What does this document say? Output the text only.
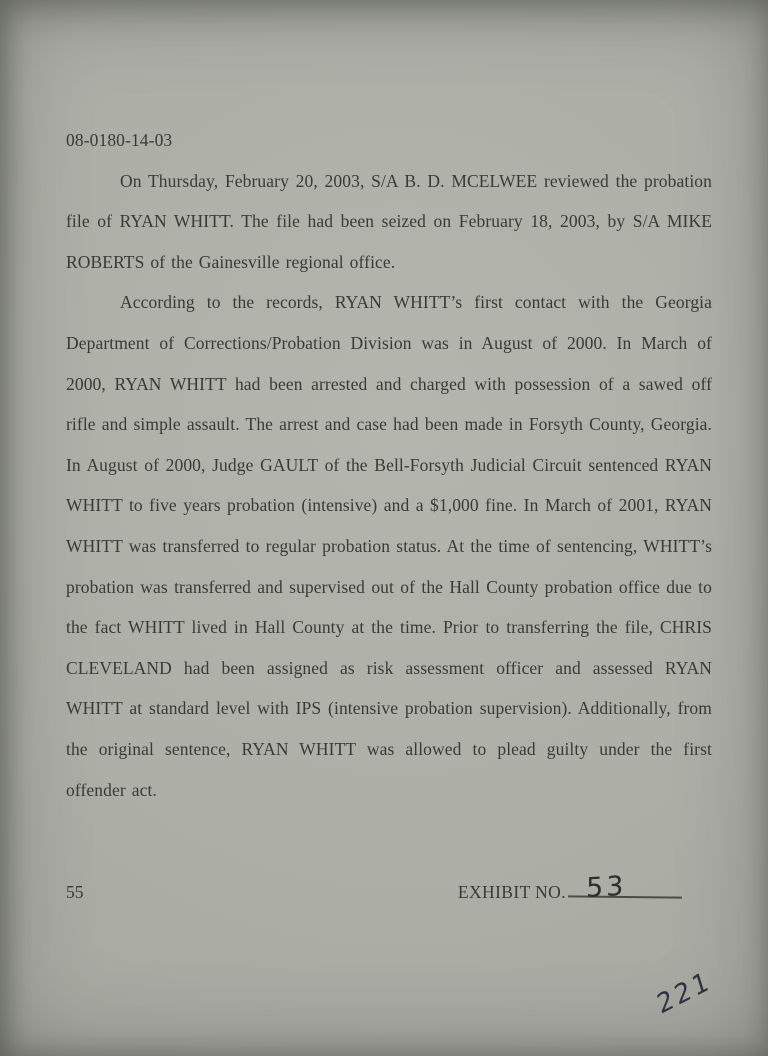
08-0180-14-03

On Thursday, February 20, 2003, S/A B. D. MCELWEE reviewed the probation file of RYAN WHITT. The file had been seized on February 18, 2003, by S/A MIKE ROBERTS of the Gainesville regional office.

According to the records, RYAN WHITT’s first contact with the Georgia Department of Corrections/Probation Division was in August of 2000. In March of 2000, RYAN WHITT had been arrested and charged with possession of a sawed off rifle and simple assault. The arrest and case had been made in Forsyth County, Georgia. In August of 2000, Judge GAULT of the Bell-Forsyth Judicial Circuit sentenced RYAN WHITT to five years probation (intensive) and a $1,000 fine. In March of 2001, RYAN WHITT was transferred to regular probation status. At the time of sentencing, WHITT’s probation was transferred and supervised out of the Hall County probation office due to the fact WHITT lived in Hall County at the time. Prior to transferring the file, CHRIS CLEVELAND had been assigned as risk assessment officer and assessed RYAN WHITT at standard level with IPS (intensive probation supervision). Additionally, from the original sentence, RYAN WHITT was allowed to plead guilty under the first offender act.

55	EXHIBIT NO. 53
221
